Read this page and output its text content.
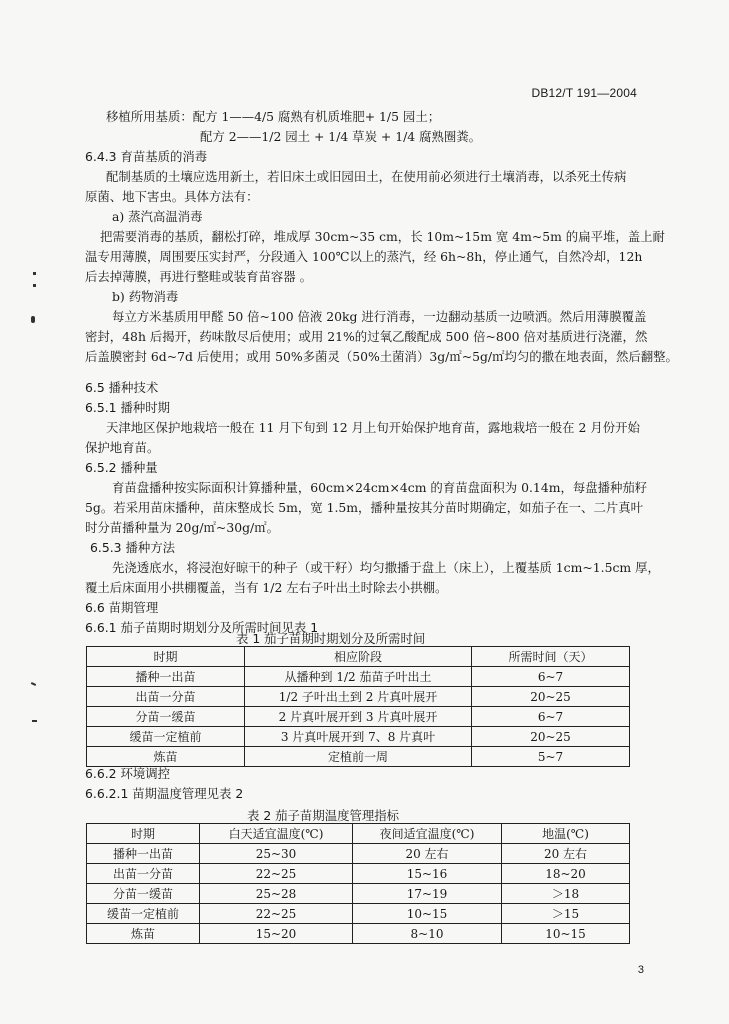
DB12/T 191—2004
移植所用基质：配方 1——4/5 腐熟有机质堆肥+ 1/5 园土；
配方 2——1/2 园土 + 1/4 草炭 + 1/4 腐熟圈粪。
6.4.3 育苗基质的消毒
配制基质的土壤应选用新土，若旧床土或旧园田土，在使用前必须进行土壤消毒，以杀死土传病
原菌、地下害虫。具体方法有：
a) 蒸汽高温消毒
把需要消毒的基质，翻松打碎，堆成厚 30cm~35 cm，长 10m~15m 宽 4m~5m 的扁平堆，盖上耐
温专用薄膜，周围要压实封严，分段通入 100℃以上的蒸汽，经 6h~8h，停止通气，自然冷却，12h
后去掉薄膜，再进行整畦或装育苗容器 。
b) 药物消毒
每立方米基质用甲醛 50 倍~100 倍液 20kg 进行消毒，一边翻动基质一边喷洒。然后用薄膜覆盖
密封，48h 后揭开，药味散尽后使用；或用 21%的过氧乙酸配成 500 倍~800 倍对基质进行浇灌，然
后盖膜密封 6d~7d 后使用；或用 50%多菌灵（50%土菌消）3g/㎡~5g/㎡均匀的撒在地表面，然后翻整。
6.5 播种技术
6.5.1 播种时期
天津地区保护地栽培一般在 11 月下旬到 12 月上旬开始保护地育苗，露地栽培一般在 2 月份开始
保护地育苗。
6.5.2 播种量
育苗盘播种按实际面积计算播种量，60cm×24cm×4cm 的育苗盘面积为 0.14m，每盘播种茄籽
5g。若采用苗床播种，苗床整成长 5m，宽 1.5m，播种量按其分苗时期确定，如茄子在一、二片真叶
时分苗播种量为 20g/㎡~30g/㎡。
6.5.3 播种方法
先浇透底水，将浸泡好晾干的种子（或干籽）均匀撒播于盘上（床上），上覆基质 1cm~1.5cm 厚，
覆土后床面用小拱棚覆盖，当有 1/2 左右子叶出土时除去小拱棚。
6.6 苗期管理
6.6.1 茄子苗期时期划分及所需时间见表 1
表 1 茄子苗期时期划分及所需时间
时期	相应阶段	所需时间（天）
播种一出苗	从播种到 1/2 茄苗子叶出土	6~7
出苗一分苗	1/2 子叶出土到 2 片真叶展开	20~25
分苗一缓苗	2 片真叶展开到 3 片真叶展开	6~7
缓苗一定植前	3 片真叶展开到 7、8 片真叶	20~25
炼苗	定植前一周	5~7
6.6.2 环境调控
6.6.2.1 苗期温度管理见表 2
表 2 茄子苗期温度管理指标
时期	白天适宜温度(℃)	夜间适宜温度(℃)	地温(℃)
播种一出苗	25~30	20 左右	20 左右
出苗一分苗	22~25	15~16	18~20
分苗一缓苗	25~28	17~19	＞18
缓苗一定植前	22~25	10~15	＞15
炼苗	15~20	8~10	10~15
3
